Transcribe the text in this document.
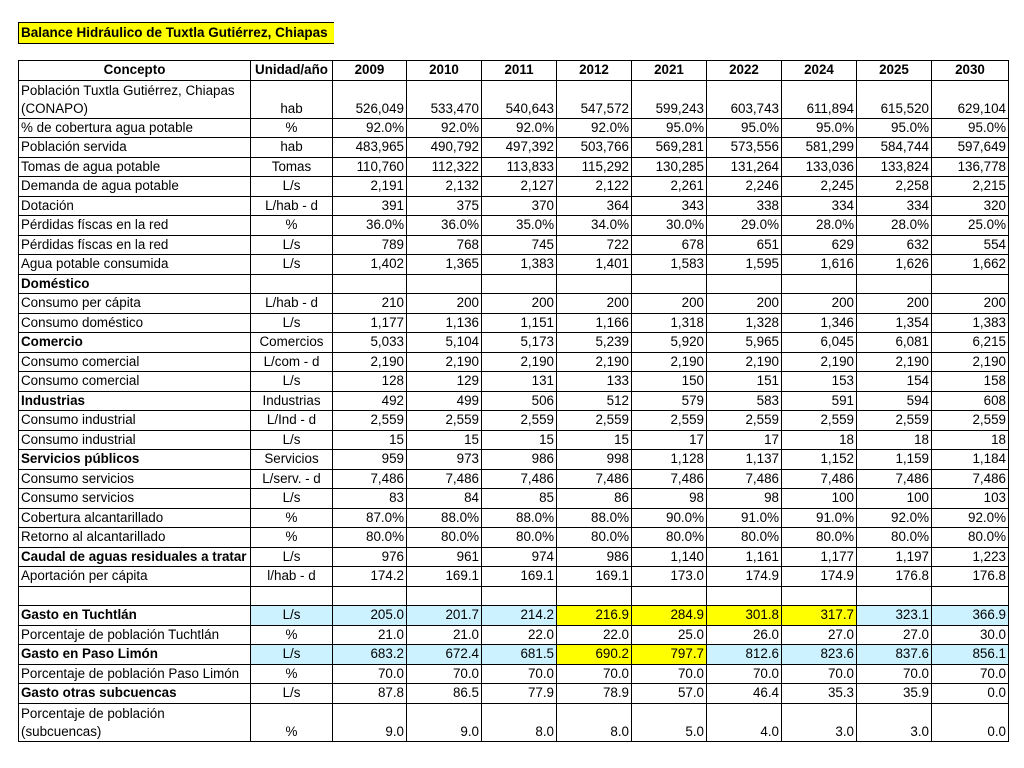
Balance Hidráulico de Tuxtla Gutiérrez, Chiapas
Concepto	Unidad/año	2009	2010	2011	2012	2021	2022	2024	2025	2030
Población Tuxtla Gutiérrez, Chiapas (CONAPO)	hab	526,049	533,470	540,643	547,572	599,243	603,743	611,894	615,520	629,104
% de cobertura agua potable	%	92.0%	92.0%	92.0%	92.0%	95.0%	95.0%	95.0%	95.0%	95.0%
Población servida	hab	483,965	490,792	497,392	503,766	569,281	573,556	581,299	584,744	597,649
Tomas de agua potable	Tomas	110,760	112,322	113,833	115,292	130,285	131,264	133,036	133,824	136,778
Demanda de agua potable	L/s	2,191	2,132	2,127	2,122	2,261	2,246	2,245	2,258	2,215
Dotación	L/hab - d	391	375	370	364	343	338	334	334	320
Pérdidas físcas en la red	%	36.0%	36.0%	35.0%	34.0%	30.0%	29.0%	28.0%	28.0%	25.0%
Pérdidas físcas en la red	L/s	789	768	745	722	678	651	629	632	554
Agua potable consumida	L/s	1,402	1,365	1,383	1,401	1,583	1,595	1,616	1,626	1,662
Doméstico										
Consumo per cápita	L/hab - d	210	200	200	200	200	200	200	200	200
Consumo doméstico	L/s	1,177	1,136	1,151	1,166	1,318	1,328	1,346	1,354	1,383
Comercio	Comercios	5,033	5,104	5,173	5,239	5,920	5,965	6,045	6,081	6,215
Consumo comercial	L/com - d	2,190	2,190	2,190	2,190	2,190	2,190	2,190	2,190	2,190
Consumo comercial	L/s	128	129	131	133	150	151	153	154	158
Industrias	Industrias	492	499	506	512	579	583	591	594	608
Consumo industrial	L/Ind - d	2,559	2,559	2,559	2,559	2,559	2,559	2,559	2,559	2,559
Consumo industrial	L/s	15	15	15	15	17	17	18	18	18
Servicios públicos	Servicios	959	973	986	998	1,128	1,137	1,152	1,159	1,184
Consumo servicios	L/serv. - d	7,486	7,486	7,486	7,486	7,486	7,486	7,486	7,486	7,486
Consumo servicios	L/s	83	84	85	86	98	98	100	100	103
Cobertura alcantarillado	%	87.0%	88.0%	88.0%	88.0%	90.0%	91.0%	91.0%	92.0%	92.0%
Retorno al alcantarillado	%	80.0%	80.0%	80.0%	80.0%	80.0%	80.0%	80.0%	80.0%	80.0%
Caudal de aguas residuales a tratar	L/s	976	961	974	986	1,140	1,161	1,177	1,197	1,223
Aportación per cápita	l/hab - d	174.2	169.1	169.1	169.1	173.0	174.9	174.9	176.8	176.8

Gasto en Tuchtlán	L/s	205.0	201.7	214.2	216.9	284.9	301.8	317.7	323.1	366.9
Porcentaje de población Tuchtlán	%	21.0	21.0	22.0	22.0	25.0	26.0	27.0	27.0	30.0
Gasto en Paso Limón	L/s	683.2	672.4	681.5	690.2	797.7	812.6	823.6	837.6	856.1
Porcentaje de población Paso Limón	%	70.0	70.0	70.0	70.0	70.0	70.0	70.0	70.0	70.0
Gasto otras subcuencas	L/s	87.8	86.5	77.9	78.9	57.0	46.4	35.3	35.9	0.0
Porcentaje de población (subcuencas)	%	9.0	9.0	8.0	8.0	5.0	4.0	3.0	3.0	0.0
